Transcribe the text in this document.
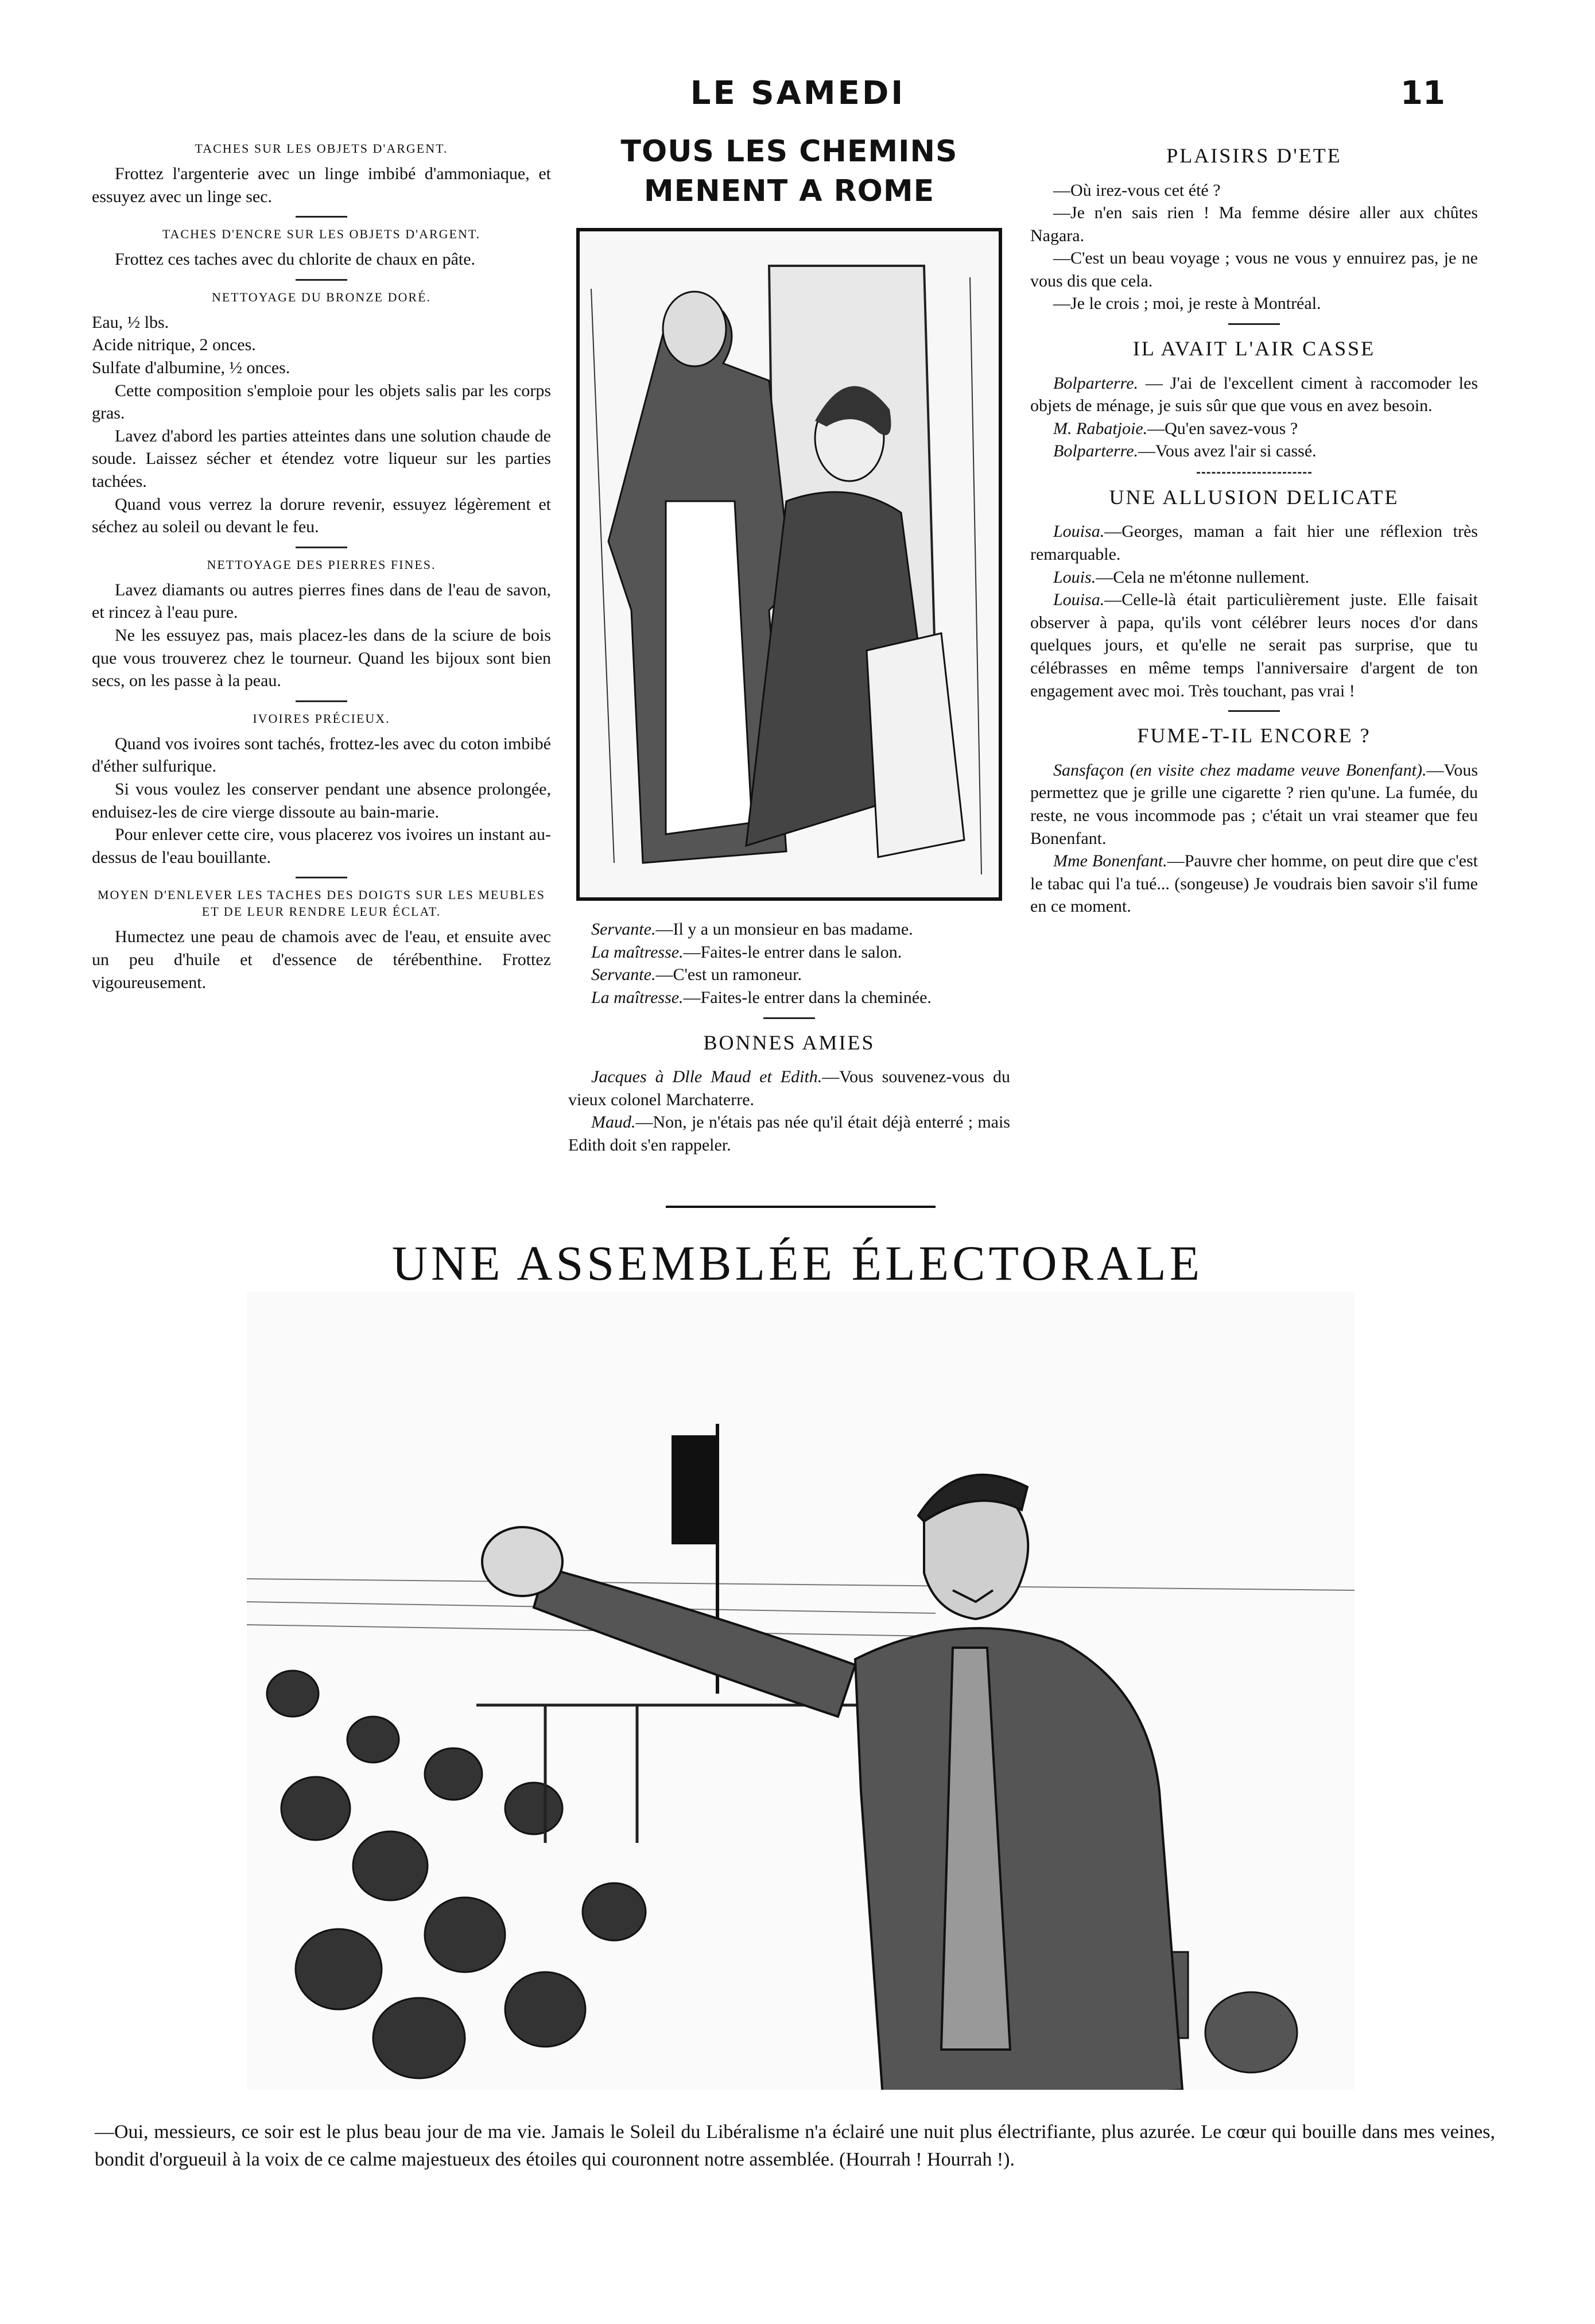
LE SAMEDI	11
TACHES SUR LES OBJETS D'ARGENT.

Frottez l'argenterie avec un linge imbibé d'ammoniaque, et essuyez avec un linge sec.

TACHES D'ENCRE SUR LES OBJETS D'ARGENT.

Frottez ces taches avec du chlorite de chaux en pâte.

NETTOYAGE DU BRONZE DORÉ.

Eau, ½ lbs.

Acide nitrique, 2 onces.

Sulfate d'albumine, ½ onces.

Cette composition s'emploie pour les objets salis par les corps gras.

Lavez d'abord les parties atteintes dans une solution chaude de soude. Laissez sécher et étendez votre liqueur sur les parties tachées.

Quand vous verrez la dorure revenir, essuyez légèrement et séchez au soleil ou devant le feu.

NETTOYAGE DES PIERRES FINES.

Lavez diamants ou autres pierres fines dans de l'eau de savon, et rincez à l'eau pure.

Ne les essuyez pas, mais placez-les dans de la sciure de bois que vous trouverez chez le tourneur. Quand les bijoux sont bien secs, on les passe à la peau.

IVOIRES PRÉCIEUX.

Quand vos ivoires sont tachés, frottez-les avec du coton imbibé d'éther sulfurique.

Si vous voulez les conserver pendant une absence prolongée, enduisez-les de cire vierge dissoute au bain-marie.

Pour enlever cette cire, vous placerez vos ivoires un instant au-dessus de l'eau bouillante.

MOYEN D'ENLEVER LES TACHES DES DOIGTS SUR LES MEUBLES ET DE LEUR RENDRE LEUR ÉCLAT.

Humectez une peau de chamois avec de l'eau, et ensuite avec un peu d'huile et d'essence de térébenthine. Frottez vigoureusement.

TOUS LES CHEMINS MENENT A ROME

Servante.—Il y a un monsieur en bas madame.

La maîtresse.—Faites-le entrer dans le salon.

Servante.—C'est un ramoneur.

La maîtresse.—Faites-le entrer dans la cheminée.

BONNES AMIES

Jacques à Dlle Maud et Edith.—Vous souvenez-vous du vieux colonel Marchaterre.

Maud.—Non, je n'étais pas née qu'il était déjà enterré ; mais Edith doit s'en rappeler.

PLAISIRS D'ETE

—Où irez-vous cet été ?

—Je n'en sais rien ! Ma femme désire aller aux chûtes Nagara.

—C'est un beau voyage ; vous ne vous y ennuirez pas, je ne vous dis que cela.

—Je le crois ; moi, je reste à Montréal.

IL AVAIT L'AIR CASSE

Bolparterre. — J'ai de l'excellent ciment à raccomoder les objets de ménage, je suis sûr que que vous en avez besoin.

M. Rabatjoie.—Qu'en savez-vous ?

Bolparterre.—Vous avez l'air si cassé.

UNE ALLUSION DELICATE

Louisa.—Georges, maman a fait hier une réflexion très remarquable.

Louis.—Cela ne m'étonne nullement.

Louisa.—Celle-là était particulièrement juste. Elle faisait observer à papa, qu'ils vont célébrer leurs noces d'or dans quelques jours, et qu'elle ne serait pas surprise, que tu célébrasses en même temps l'anniversaire d'argent de ton engagement avec moi. Très touchant, pas vrai !

FUME-T-IL ENCORE ?

Sansfaçon (en visite chez madame veuve Bonenfant).—Vous permettez que je grille une cigarette ? rien qu'une. La fumée, du reste, ne vous incommode pas ; c'était un vrai steamer que feu Bonenfant.

Mme Bonenfant.—Pauvre cher homme, on peut dire que c'est le tabac qui l'a tué... (songeuse) Je voudrais bien savoir s'il fume en ce moment.

UNE ASSEMBLÉE ÉLECTORALE
—Oui, messieurs, ce soir est le plus beau jour de ma vie. Jamais le Soleil du Libéralisme n'a éclairé une nuit plus électrifiante, plus azurée. Le cœur qui bouille dans mes veines, bondit d'orgueuil à la voix de ce calme majestueux des étoiles qui couronnent notre assemblée. (Hourrah ! Hourrah !).
